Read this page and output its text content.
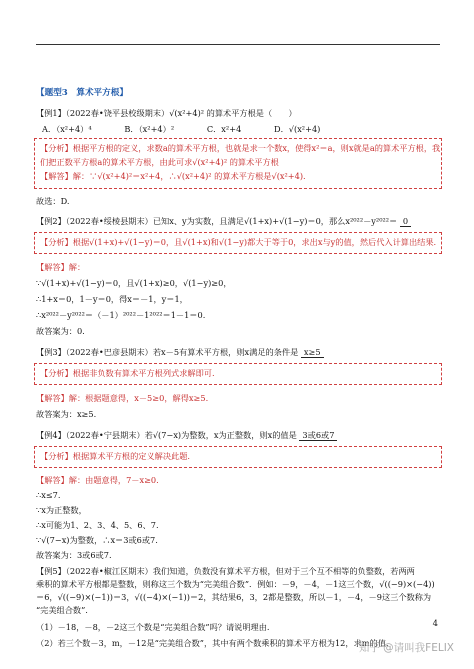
【题型3　算术平方根】
【例1】（2022春•饶平县校级期末）√(x²+4)² 的算术平方根是（　　）
A．（x²+4）⁴　　　　B．（x²+4）²　　　　C．x²+4　　　　D．√(x²+4)
【分析】根据平方根的定义，求数a的算术平方根，也就是求一个数x，使得x²＝a，则x就是a的算术平方根，我
们把正数平方根a的算术平方根，由此可求√(x²+4)² 的算术平方根
【解答】解：∵√(x²+4)²＝x²+4，∴√(x²+4)² 的算术平方根是√(x²+4).
故选：D.
【例2】（2022春•绥棱县期末）已知x、y为实数，且满足√(1+x)+√(1−y)＝0，那么x²⁰²²－y²⁰²²＝ 0
【分析】根据√(1+x)+√(1−y)＝0，且√(1+x)和√(1−y)都大于等于0，求出x与y的值，然后代入计算出结果.
【解答】解：
∵√(1+x)+√(1−y)＝0，且√(1+x)≥0，√(1−y)≥0，
∴1+x＝0，1－y＝0，得x＝－1，y＝1，
∴x²⁰²²－y²⁰²²＝（－1）²⁰²²－1²⁰²²＝1－1＝0.
故答案为：0.
【例3】（2022春•巴彦县期末）若x－5有算术平方根，则x满足的条件是 x≥5
【分析】根据非负数有算术平方根列式求解即可.
【解答】解：根据题意得，x－5≥0，解得x≥5.
故答案为：x≥5.
【例4】（2022春•宁县期末）若√(7−x)为整数，x为正整数，则x的值是 3或6或7
【分析】根据算术平方根的定义解决此题.
【解答】解：由题意得，7－x≥0.
∴x≤7.
∵x为正整数，
∴x可能为1、2、3、4、5、6、7.
∵√(7−x)为整数，∴x＝3或6或7.
故答案为：3或6或7.
【例5】（2022春•椒江区期末）我们知道，负数没有算术平方根，但对于三个互不相等的负整数，若两两
乘积的算术平方根都是整数，则称这三个数为“完美组合数”．例如：－9，－4，－1这三个数，√((−9)×(−4))
＝6，√((−9)×(−1))＝3，√((−4)×(−1))＝2，其结果6，3，2都是整数，所以－1，－4，－9这三个数称为
“完美组合数”.
（1）－18，－8，－2这三个数是“完美组合数”吗？请说明理由.
（2）若三个数－3，m，－12是“完美组合数”，其中有两个数乘积的算术平方根为12，求m的值.
4
知乎 @请叫我FELIX
